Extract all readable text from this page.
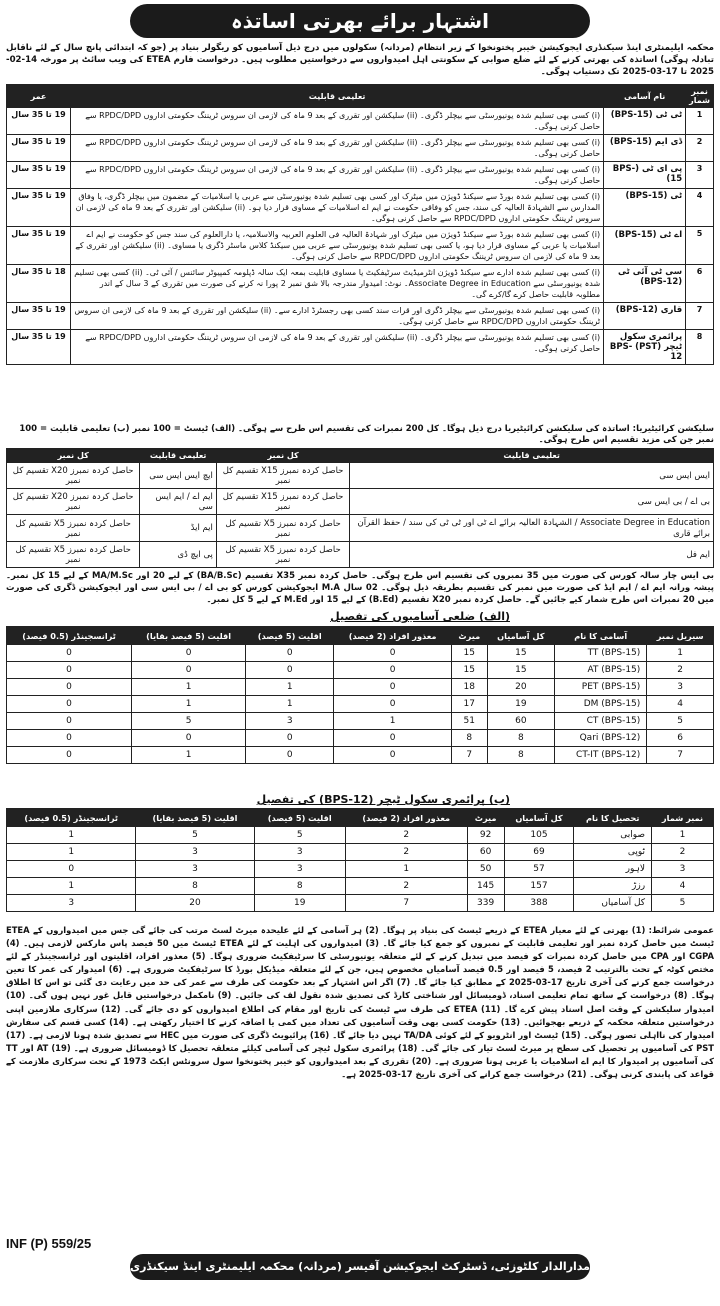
اشتہار برائے بھرتی اساتذہ
محکمہ ایلیمنٹری اینڈ سیکنڈری ایجوکیشن خیبر پختونخوا کے زیر انتظام (مردانہ) سکولوں میں درج ذیل آسامیوں کو ریگولر بنیاد پر (جو کہ ابتدائی پانچ سال کے لئے ناقابل تبادلہ ہوگی) اساتذہ کی بھرتی کرنے کے لئے ضلع صوابی کے سکونتی اہل امیدواروں سے درخواستیں مطلوب ہیں۔ درخواست فارم ETEA کی ویب سائٹ پر مورخہ 14-02-2025 تا 17-03-2025 تک دستیاب ہوگی۔
نمبر شمار	نام آسامی	تعلیمی قابلیت	عمر
1	ٹی ٹی (BPS-15)	(i) کسی بھی تسلیم شدہ یونیورسٹی سے بیچلر ڈگری۔ (ii) سلیکشن اور تقرری کے بعد 9 ماہ کی لازمی ان سروس ٹریننگ حکومتی اداروں RPDC/DPD سے حاصل کرنی ہوگی۔	19 تا 35 سال
2	ڈی ایم (BPS-15)	(i) کسی بھی تسلیم شدہ یونیورسٹی سے بیچلر ڈگری۔ (ii) سلیکشن اور تقرری کے بعد 9 ماہ کی لازمی ان سروس ٹریننگ حکومتی اداروں RPDC/DPD سے حاصل کرنی ہوگی۔	19 تا 35 سال
3	پی ای ٹی (BPS-15)	(i) کسی بھی تسلیم شدہ یونیورسٹی سے بیچلر ڈگری۔ (ii) سلیکشن اور تقرری کے بعد 9 ماہ کی لازمی ان سروس ٹریننگ حکومتی اداروں RPDC/DPD سے حاصل کرنی ہوگی۔	19 تا 35 سال
4	ٹی (BPS-15)	(i) کسی بھی تسلیم شدہ بورڈ سے سیکنڈ ڈویژن میں میٹرک اور کسی بھی تسلیم شدہ یونیورسٹی سے عربی یا اسلامیات کے مضمون میں بیچلر ڈگری، یا وفاق المدارس سے الشہادۃ العالیہ کی سند، جس کو وفاقی حکومت نے ایم اے اسلامیات کے مساوی قرار دیا ہو۔ (ii) سلیکشن اور تقرری کے بعد 9 ماہ کی لازمی ان سروس ٹریننگ حکومتی اداروں RPDC/DPD سے حاصل کرنی ہوگی۔	19 تا 35 سال
5	اے ٹی (BPS-15)	(i) کسی بھی تسلیم شدہ بورڈ سے سیکنڈ ڈویژن میں میٹرک اور شہادۃ العالیہ فی العلوم العربیہ والاسلامیہ، یا دارالعلوم کی سند جس کو حکومت نے ایم اے اسلامیات یا عربی کے مساوی قرار دیا ہو، یا کسی بھی تسلیم شدہ یونیورسٹی سے عربی میں سیکنڈ کلاس ماسٹر ڈگری یا مساوی۔ (ii) سلیکشن اور تقرری کے بعد 9 ماہ کی لازمی ان سروس ٹریننگ حکومتی اداروں RPDC/DPD سے حاصل کرنی ہوگی۔	19 تا 35 سال
6	سی ٹی آئی ٹی (BPS-12)	(i) کسی بھی تسلیم شدہ ادارے سے سیکنڈ ڈویژن انٹرمیڈیٹ سرٹیفکیٹ یا مساوی قابلیت بمعہ ایک سالہ ڈپلومہ کمپیوٹر سائنس / آئی ٹی۔ (ii) کسی بھی تسلیم شدہ یونیورسٹی سے Associate Degree in Education۔ نوٹ: امیدوار مندرجہ بالا شق نمبر 2 پورا نہ کرنے کی صورت میں تقرری کے 3 سال کے اندر مطلوبہ قابلیت حاصل کرے گا/کرے گی۔	18 تا 35 سال
7	قاری (BPS-12)	(i) کسی بھی تسلیم شدہ یونیورسٹی سے بیچلر ڈگری اور قرات سند کسی بھی رجسٹرڈ ادارے سے۔ (ii) سلیکشن اور تقرری کے بعد 9 ماہ کی لازمی ان سروس ٹریننگ حکومتی اداروں RPDC/DPD سے حاصل کرنی ہوگی۔	19 تا 35 سال
8	پرائمری سکول ٹیچر (PST) BPS-12	(i) کسی بھی تسلیم شدہ یونیورسٹی سے بیچلر ڈگری۔ (ii) سلیکشن اور تقرری کے بعد 9 ماہ کی لازمی ان سروس ٹریننگ حکومتی اداروں RPDC/DPD سے حاصل کرنی ہوگی۔	19 تا 35 سال
سلیکشن کرائیٹیریا: اساتذہ کی سلیکشن کرائیٹیریا درج ذیل ہوگا۔ کل 200 نمبرات کی تقسیم اس طرح سے ہوگی۔ (الف) ٹیسٹ = 100 نمبر (ب) تعلیمی قابلیت = 100 نمبر جن کی مزید تقسیم اس طرح ہوگی۔
تعلیمی قابلیت	کل نمبر	تعلیمی قابلیت	کل نمبر
ایس ایس سی	حاصل کردہ نمبرز X15 تقسیم کل نمبر	ایچ ایس ایس سی	حاصل کردہ نمبرز X20 تقسیم کل نمبر
بی اے / بی ایس سی	حاصل کردہ نمبرز X15 تقسیم کل نمبر	ایم اے / ایم ایس سی	حاصل کردہ نمبرز X20 تقسیم کل نمبر
Associate Degree in Education / الشہادۃ العالیہ برائے اے ٹی اور ٹی ٹی کی سند / حفظ القرآن برائے قاری	حاصل کردہ نمبرز X5 تقسیم کل نمبر	ایم ایڈ	حاصل کردہ نمبرز X5 تقسیم کل نمبر
ایم فل	حاصل کردہ نمبرز X5 تقسیم کل نمبر	پی ایچ ڈی	حاصل کردہ نمبرز X5 تقسیم کل نمبر
بی ایس چار سالہ کورس کی صورت میں 35 نمبروں کی تقسیم اس طرح ہوگی۔ حاصل کردہ نمبر X35 تقسیم (BA/B.Sc) کے لیے 20 اور MA/M.Sc کے لیے 15 کل نمبر۔ پیشہ ورانہ ایم اے / ایم ایڈ کی صورت میں نمبر کی تقسیم بطریقہ ذیل ہوگی۔ 02 سال M.A ایجوکیشن کورس کو بی اے / بی ایس سی اور ایجوکیشن ڈگری کی صورت میں 20 نمبرات اس طرح شمار کیے جائیں گے۔ حاصل کردہ نمبر X20 تقسیم (B.Ed) کے لیے 15 اور M.Ed کے لیے 5 کل نمبر۔
(الف) ضلعی آسامیوں کی تفصیل
سیریل نمبر	آسامی کا نام	کل آسامیاں	میرٹ	معذور افراد (2 فیصد)	اقلیت (5 فیصد)	اقلیت (5 فیصد بقایا)	ٹرانسجینڈر (0.5 فیصد)
1	TT (BPS-15)	15	15	0	0	0	0
2	AT (BPS-15)	15	15	0	0	0	0
3	PET (BPS-15)	20	18	0	1	1	0
4	DM (BPS-15)	19	17	0	1	1	0
5	CT (BPS-15)	60	51	1	3	5	0
6	Qari (BPS-12)	8	8	0	0	0	0
7	CT-IT (BPS-12)	8	7	0	0	1	0
(ب) پرائمری سکول ٹیچر (BPS-12) کی تفصیل
نمبر شمار	تحصیل کا نام	کل آسامیاں	میرٹ	معذور افراد (2 فیصد)	اقلیت (5 فیصد)	اقلیت (5 فیصد بقایا)	ٹرانسجینڈر (0.5 فیصد)
1	صوابی	105	92	2	5	5	1
2	ٹوپی	69	60	2	3	3	1
3	لاہور	57	50	1	3	3	0
4	رزڑ	157	145	2	8	8	1
5	کل آسامیاں	388	339	7	19	20	3
عمومی شرائط: (1) بھرتی کے لئے معیار ETEA کے ذریعے ٹیسٹ کی بنیاد پر ہوگا۔ (2) ہر آسامی کے لئے علیحدہ میرٹ لسٹ مرتب کی جائے گی جس میں امیدواروں کے ETEA ٹیسٹ میں حاصل کردہ نمبر اور تعلیمی قابلیت کے نمبروں کو جمع کیا جائے گا۔ (3) امیدواروں کی اہلیت کے لئے ETEA ٹیسٹ میں 50 فیصد پاس مارکس لازمی ہیں۔ (4) CGPA اور CPA میں حاصل کردہ نمبرات کو فیصد میں تبدیل کرنے کے لئے متعلقہ یونیورسٹی کا سرٹیفکیٹ ضروری ہوگا۔ (5) معذور افراد، اقلیتوں اور ٹرانسجینڈر کے لئے مختص کوٹہ کے تحت بالترتیب 2 فیصد، 5 فیصد اور 0.5 فیصد آسامیاں مخصوص ہیں، جن کے لئے متعلقہ میڈیکل بورڈ کا سرٹیفکیٹ ضروری ہے۔ (6) امیدوار کی عمر کا تعین درخواست جمع کرنے کی آخری تاریخ 17-03-2025 کے مطابق کیا جائے گا۔ (7) اگر اس اشتہار کے بعد حکومت کی طرف سے عمر کی حد میں رعایت دی گئی تو اس کا اطلاق ہوگا۔ (8) درخواست کے ساتھ تمام تعلیمی اسناد، ڈومیسائل اور شناختی کارڈ کی تصدیق شدہ نقول لف کی جائیں۔ (9) نامکمل درخواستیں قابل غور نہیں ہوں گی۔ (10) امیدوار سلیکشن کے وقت اصل اسناد پیش کرے گا۔ (11) ETEA کی طرف سے ٹیسٹ کی تاریخ اور مقام کی اطلاع امیدواروں کو دی جائے گی۔ (12) سرکاری ملازمین اپنی درخواستیں متعلقہ محکمہ کے ذریعے بھجوائیں۔ (13) حکومت کسی بھی وقت آسامیوں کی تعداد میں کمی یا اضافہ کرنے کا اختیار رکھتی ہے۔ (14) کسی قسم کی سفارش امیدوار کی نااہلی تصور ہوگی۔ (15) ٹیسٹ اور انٹرویو کے لئے کوئی TA/DA نہیں دیا جائے گا۔ (16) پرائیویٹ ڈگری کی صورت میں HEC سے تصدیق شدہ ہونا لازمی ہے۔ (17) PST کی آسامیوں پر تحصیل کی سطح پر میرٹ لسٹ تیار کی جائے گی۔ (18) پرائمری سکول ٹیچر کی آسامی کیلئے متعلقہ تحصیل کا ڈومیسائل ضروری ہے۔ (19) AT اور TT کی آسامیوں پر امیدوار کا ایم اے اسلامیات یا عربی ہونا ضروری ہے۔ (20) تقرری کے بعد امیدواروں کو خیبر پختونخوا سول سرونٹس ایکٹ 1973 کے تحت سرکاری ملازمت کے قواعد کی پابندی کرنی ہوگی۔ (21) درخواست جمع کرانے کی آخری تاریخ 17-03-2025 ہے۔
INF (P) 559/25
مدارالدار کلٹوزئی، ڈسٹرکٹ ایجوکیشن آفیسر (مردانہ) محکمہ ایلیمنٹری اینڈ سیکنڈری ایجوکیشن ضلع صوابی
